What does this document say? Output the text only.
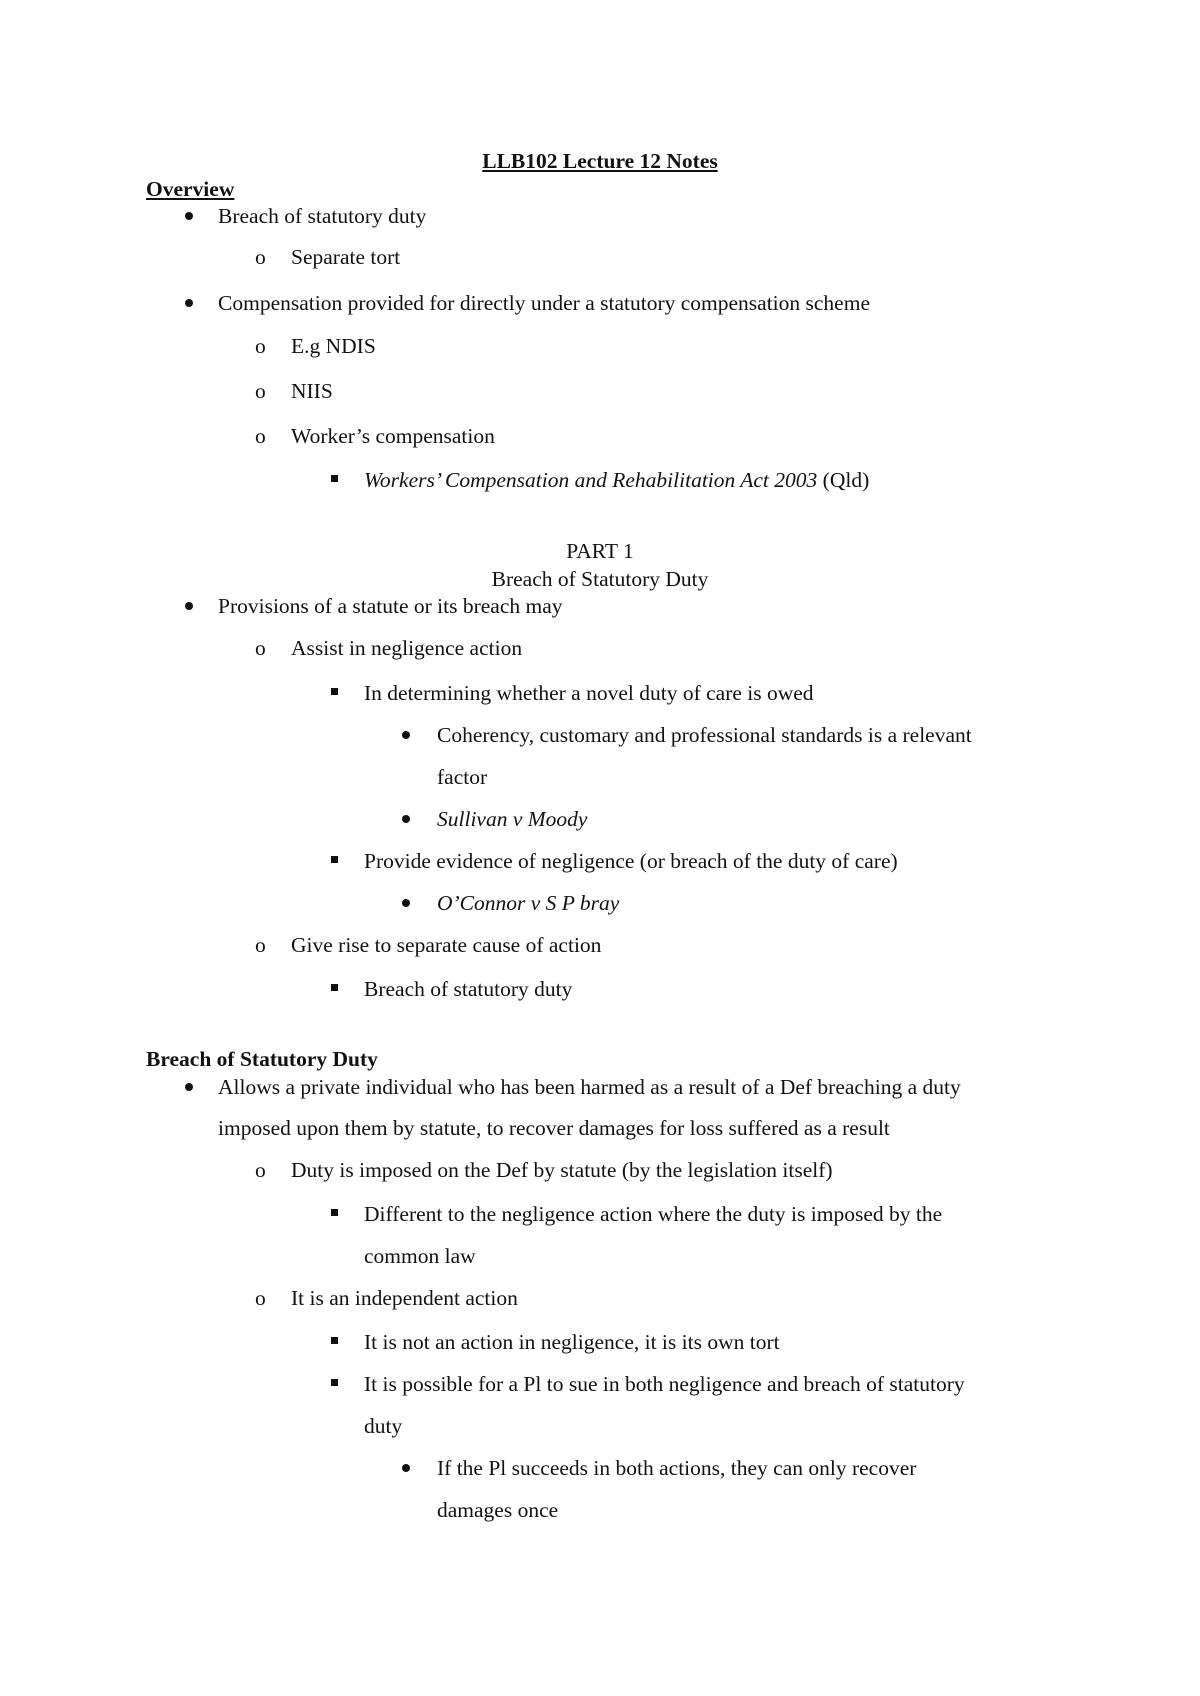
LLB102 Lecture 12 Notes
Overview
Breach of statutory duty
o Separate tort
Compensation provided for directly under a statutory compensation scheme
o E.g NDIS
o NIIS
o Worker’s compensation
Workers’ Compensation and Rehabilitation Act 2003 (Qld)
PART 1
Breach of Statutory Duty
Provisions of a statute or its breach may
o Assist in negligence action
In determining whether a novel duty of care is owed
Coherency, customary and professional standards is a relevant
factor
Sullivan v Moody
Provide evidence of negligence (or breach of the duty of care)
O’Connor v S P bray
o Give rise to separate cause of action
Breach of statutory duty
Breach of Statutory Duty
Allows a private individual who has been harmed as a result of a Def breaching a duty
imposed upon them by statute, to recover damages for loss suffered as a result
o Duty is imposed on the Def by statute (by the legislation itself)
Different to the negligence action where the duty is imposed by the
common law
o It is an independent action
It is not an action in negligence, it is its own tort
It is possible for a Pl to sue in both negligence and breach of statutory
duty
If the Pl succeeds in both actions, they can only recover
damages once
